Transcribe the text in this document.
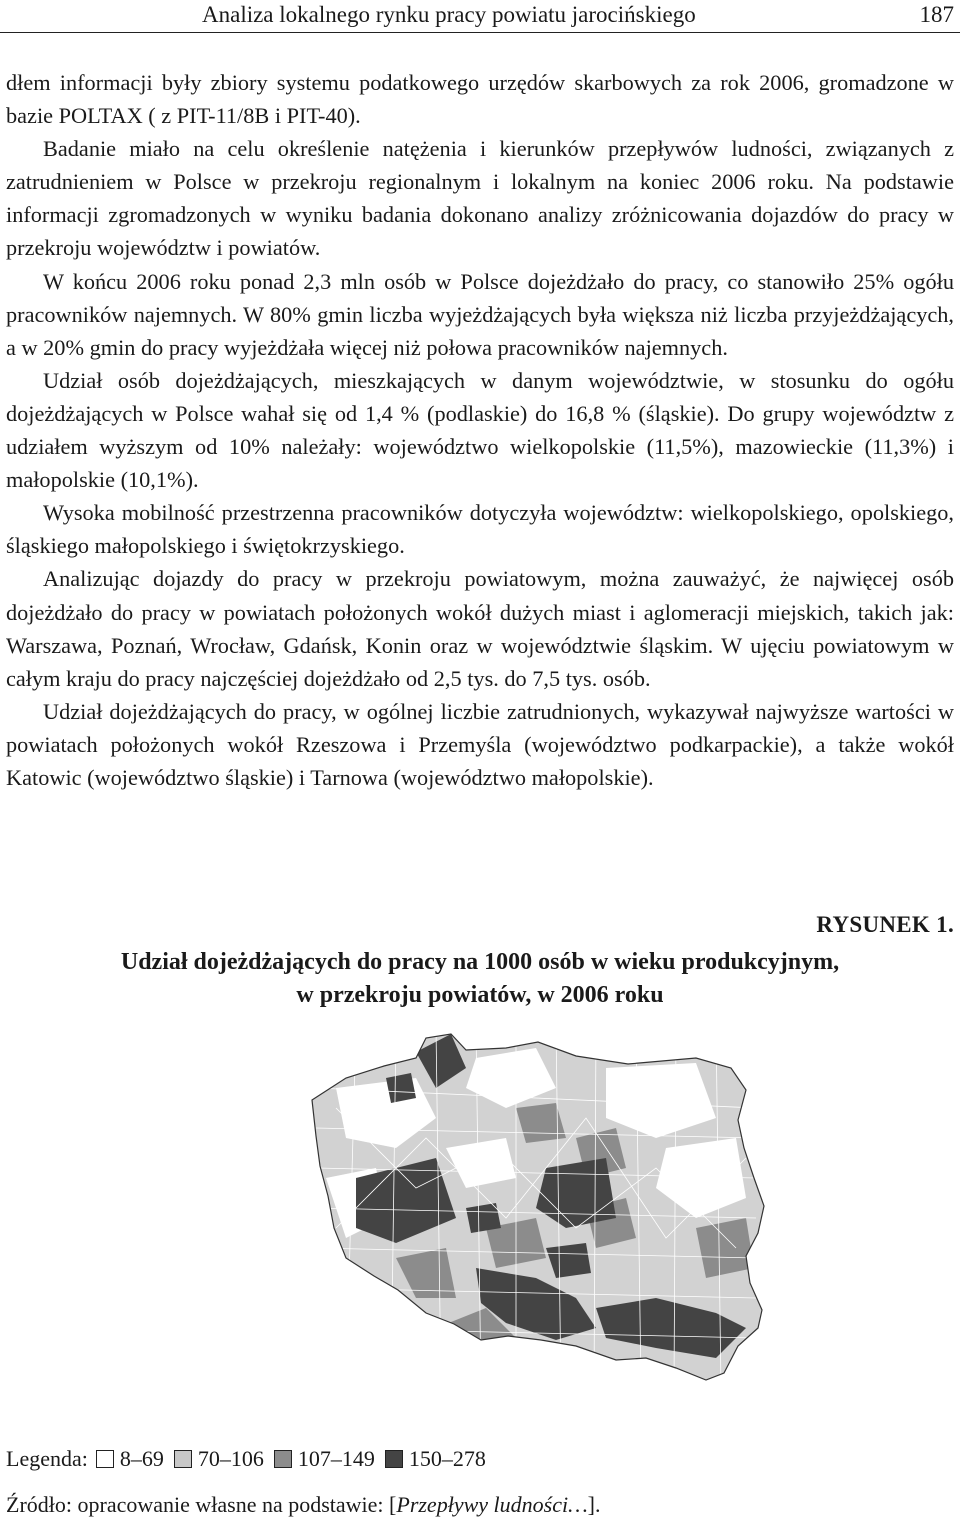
Analiza lokalnego rynku pracy powiatu jarocińskiego	187

dłem informacji były zbiory systemu podatkowego urzędów skarbowych za rok 2006, gromadzone w bazie POLTAX ( z PIT-11/8B i PIT-40).

Badanie miało na celu określenie natężenia i kierunków przepływów ludności, związanych z zatrudnieniem w Polsce w przekroju regionalnym i lokalnym na koniec 2006 roku. Na podstawie informacji zgromadzonych w wyniku badania dokonano analizy zróżnicowania dojazdów do pracy w przekroju województw i powiatów.

W końcu 2006 roku ponad 2,3 mln osób w Polsce dojeżdżało do pracy, co stanowiło 25% ogółu pracowników najemnych. W 80% gmin liczba wyjeżdżających była większa niż liczba przyjeżdżających, a w 20% gmin do pracy wyjeżdżała więcej niż połowa pracowników najemnych.

Udział osób dojeżdżających, mieszkających w danym województwie, w stosunku do ogółu dojeżdżających w Polsce wahał się od 1,4 % (podlaskie) do 16,8 % (śląskie). Do grupy województw z udziałem wyższym od 10% należały: województwo wielkopolskie (11,5%), mazowieckie (11,3%) i małopolskie (10,1%).

Wysoka mobilność przestrzenna pracowników dotyczyła województw: wielkopolskiego, opolskiego, śląskiego małopolskiego i świętokrzyskiego.

Analizując dojazdy do pracy w przekroju powiatowym, można zauważyć, że najwięcej osób dojeżdżało do pracy w powiatach położonych wokół dużych miast i aglomeracji miejskich, takich jak: Warszawa, Poznań, Wrocław, Gdańsk, Konin oraz w województwie śląskim. W ujęciu powiatowym w całym kraju do pracy najczęściej dojeżdżało od 2,5 tys. do 7,5 tys. osób.

Udział dojeżdżających do pracy, w ogólnej liczbie zatrudnionych, wykazywał najwyższe wartości w powiatach położonych wokół Rzeszowa i Przemyśla (województwo podkarpackie), a także wokół Katowic (województwo śląskie) i Tarnowa (województwo małopolskie).

RYSUNEK 1.
Udział dojeżdżających do pracy na 1000 osób w wieku produkcyjnym,
w przekroju powiatów, w 2006 roku
Legenda: 8–69 70–106 107–149 150–278
Źródło: opracowanie własne na podstawie: [Przepływy ludności…].
